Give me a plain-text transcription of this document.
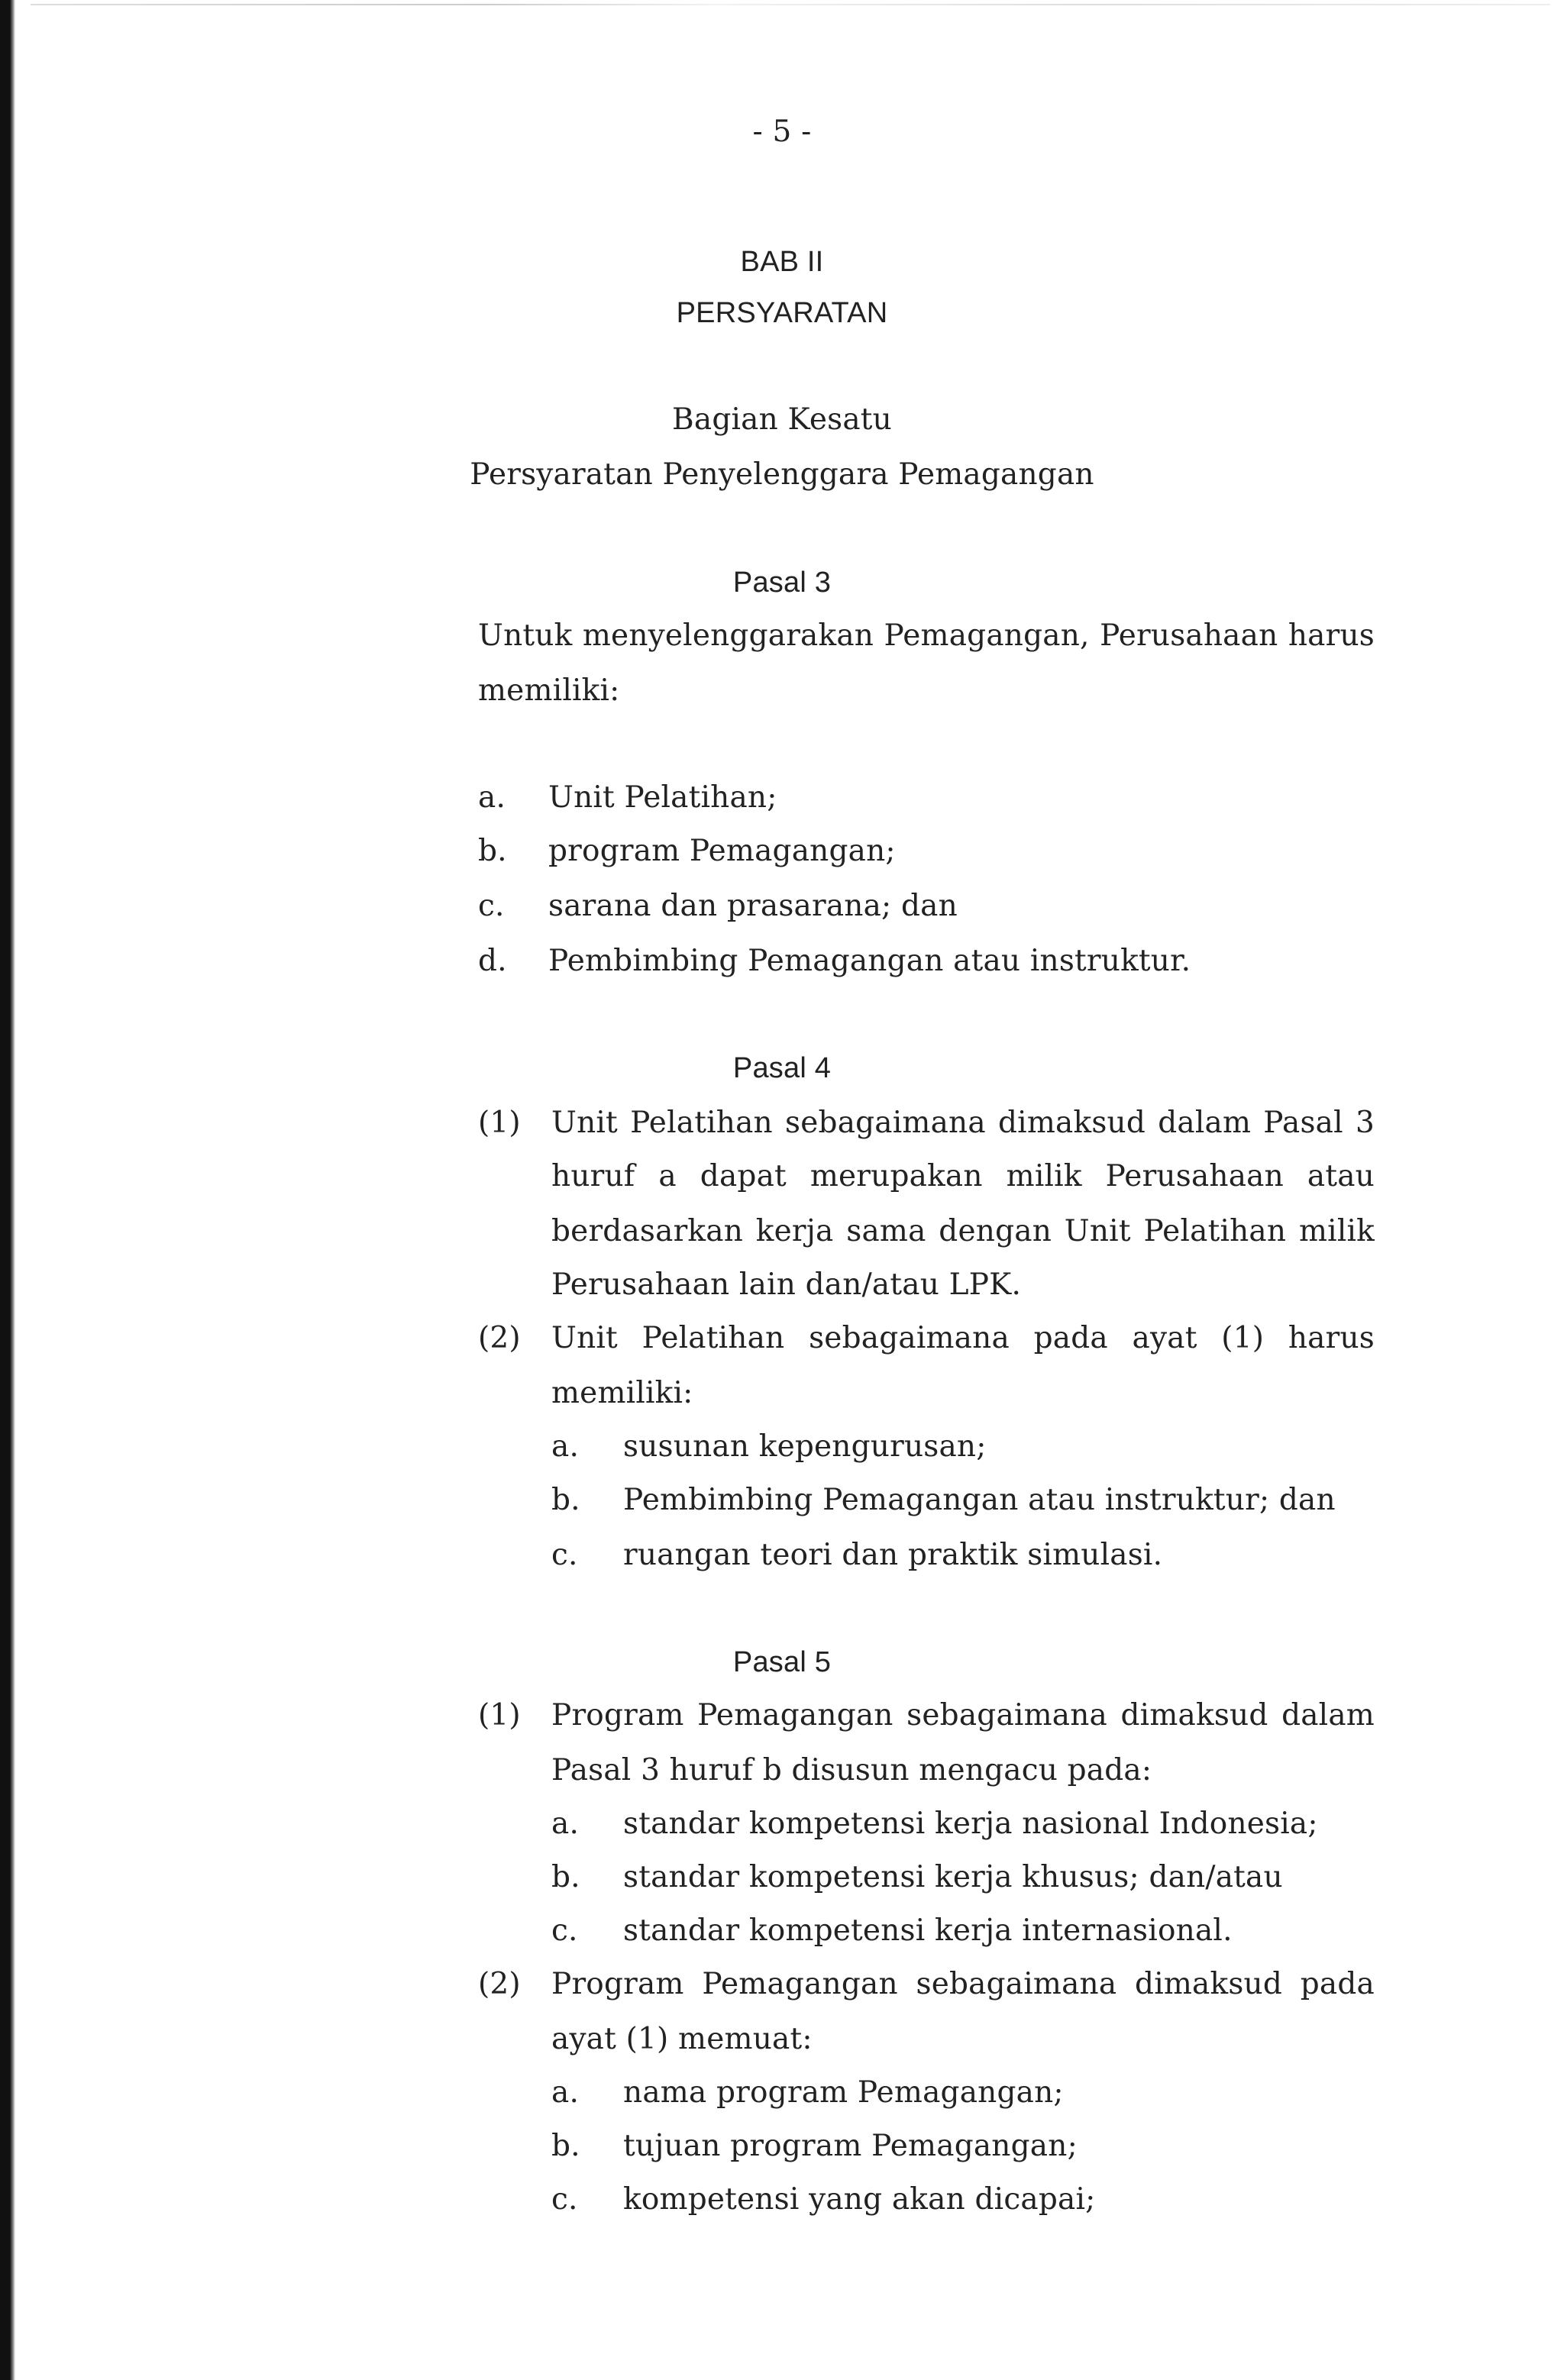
- 5 -
BAB II
PERSYARATAN
Bagian Kesatu
Persyaratan Penyelenggara Pemagangan
Pasal 3
Untuk menyelenggarakan Pemagangan, Perusahaan harus
memiliki:
a. Unit Pelatihan;
b. program Pemagangan;
c. sarana dan prasarana; dan
d. Pembimbing Pemagangan atau instruktur.
Pasal 4
(1) Unit Pelatihan sebagaimana dimaksud dalam Pasal 3
huruf a dapat merupakan milik Perusahaan atau
berdasarkan kerja sama dengan Unit Pelatihan milik
Perusahaan lain dan/atau LPK.
(2) Unit Pelatihan sebagaimana pada ayat (1) harus
memiliki:
a. susunan kepengurusan;
b. Pembimbing Pemagangan atau instruktur; dan
c. ruangan teori dan praktik simulasi.
Pasal 5
(1) Program Pemagangan sebagaimana dimaksud dalam
Pasal 3 huruf b disusun mengacu pada:
a. standar kompetensi kerja nasional Indonesia;
b. standar kompetensi kerja khusus; dan/atau
c. standar kompetensi kerja internasional.
(2) Program Pemagangan sebagaimana dimaksud pada
ayat (1) memuat:
a. nama program Pemagangan;
b. tujuan program Pemagangan;
c. kompetensi yang akan dicapai;
